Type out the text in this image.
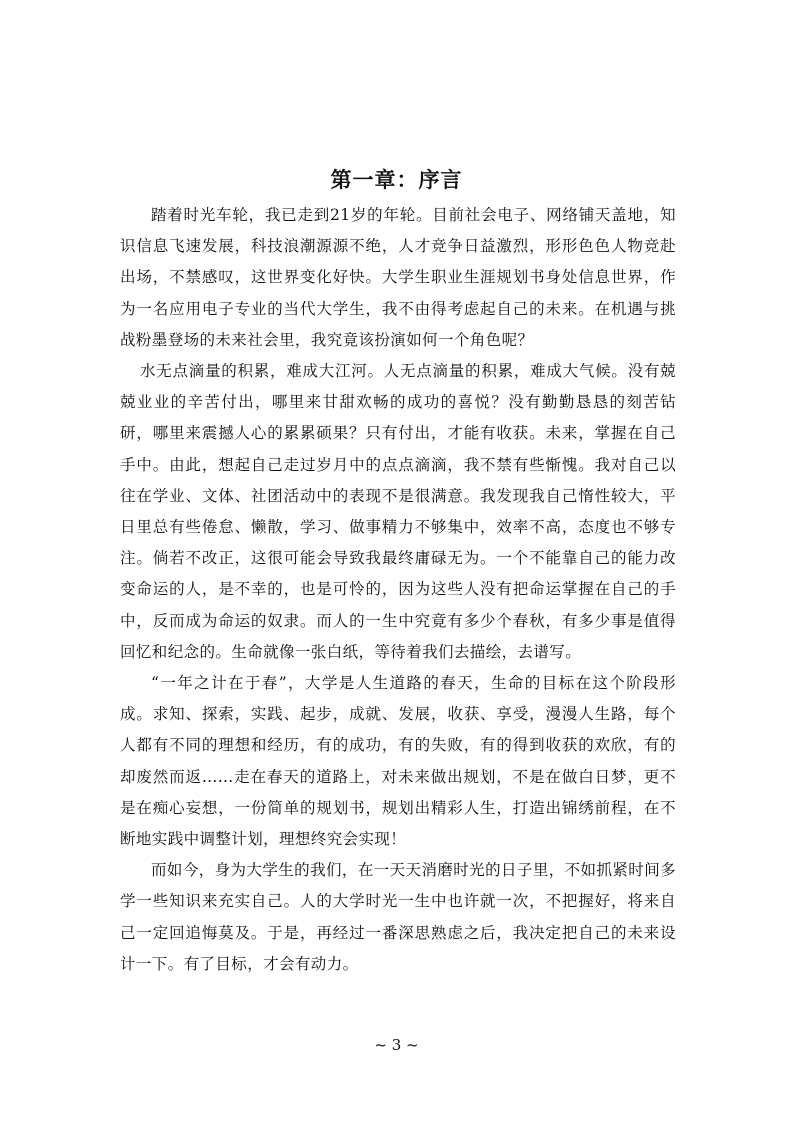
第一章：序言

踏着时光车轮，我已走到21岁的年轮。目前社会电子、网络铺天盖地，知识信息飞速发展，科技浪潮源源不绝，人才竞争日益激烈，形形色色人物竞赴出场，不禁感叹，这世界变化好快。大学生职业生涯规划书身处信息世界，作为一名应用电子专业的当代大学生，我不由得考虑起自己的未来。在机遇与挑战粉墨登场的未来社会里，我究竟该扮演如何一个角色呢？

水无点滴量的积累，难成大江河。人无点滴量的积累，难成大气候。没有兢兢业业的辛苦付出，哪里来甘甜欢畅的成功的喜悦？没有勤勤恳恳的刻苦钻研，哪里来震撼人心的累累硕果？只有付出，才能有收获。未来，掌握在自己手中。由此，想起自己走过岁月中的点点滴滴，我不禁有些惭愧。我对自己以往在学业、文体、社团活动中的表现不是很满意。我发现我自己惰性较大，平日里总有些倦怠、懒散，学习、做事精力不够集中，效率不高，态度也不够专注。倘若不改正，这很可能会导致我最终庸碌无为。一个不能靠自己的能力改变命运的人，是不幸的，也是可怜的，因为这些人没有把命运掌握在自己的手中，反而成为命运的奴隶。而人的一生中究竟有多少个春秋，有多少事是值得回忆和纪念的。生命就像一张白纸，等待着我们去描绘，去谱写。

“一年之计在于春”，大学是人生道路的春天，生命的目标在这个阶段形成。求知、探索，实践、起步，成就、发展，收获、享受，漫漫人生路，每个人都有不同的理想和经历，有的成功，有的失败，有的得到收获的欢欣，有的却废然而返……走在春天的道路上，对未来做出规划，不是在做白日梦，更不是在痴心妄想，一份简单的规划书，规划出精彩人生，打造出锦绣前程，在不断地实践中调整计划，理想终究会实现！

而如今，身为大学生的我们，在一天天消磨时光的日子里，不如抓紧时间多学一些知识来充实自己。人的大学时光一生中也许就一次，不把握好，将来自己一定回追悔莫及。于是，再经过一番深思熟虑之后，我决定把自己的未来设计一下。有了目标，才会有动力。

~ 3 ~
